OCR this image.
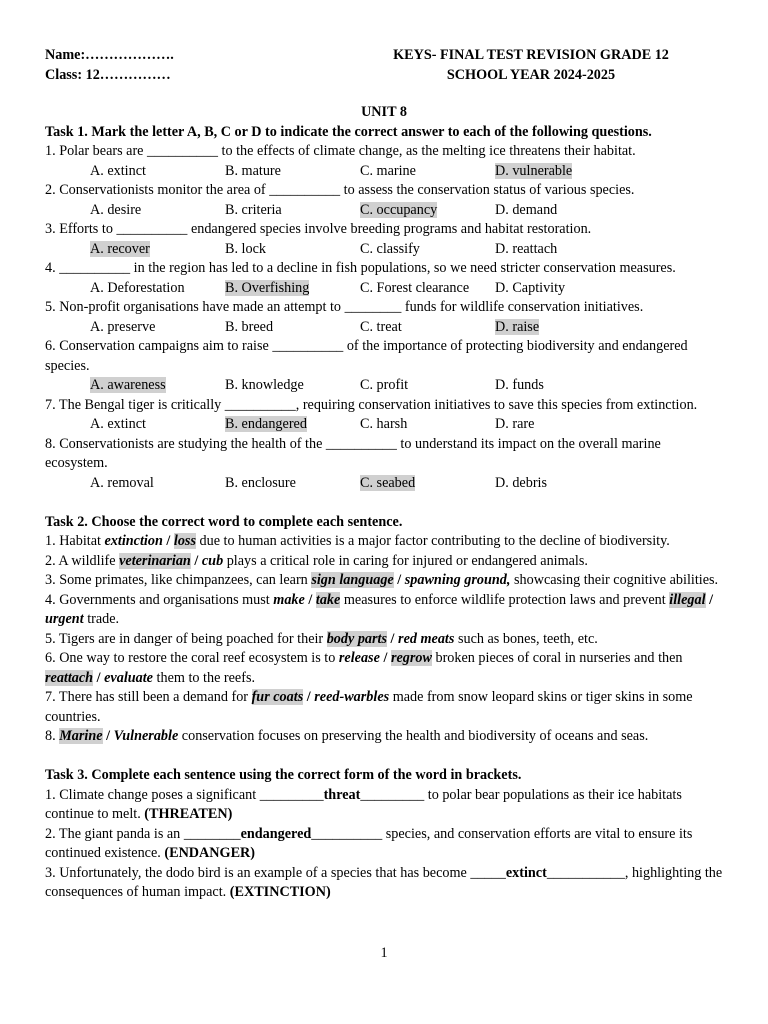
Name:……………….	KEYS- FINAL TEST REVISION GRADE 12
Class: 12……………	SCHOOL YEAR 2024-2025
UNIT 8
Task 1. Mark the letter A, B, C or D to indicate the correct answer to each of the following questions.
1. Polar bears are __________ to the effects of climate change, as the melting ice threatens their habitat.
A. extinct	B. mature	C. marine	D. vulnerable
2. Conservationists monitor the area of __________ to assess the conservation status of various species.
A. desire	B. criteria	C. occupancy	D. demand
3. Efforts to __________ endangered species involve breeding programs and habitat restoration.
A. recover	B. lock	C. classify	D. reattach
4. __________ in the region has led to a decline in fish populations, so we need stricter conservation measures.
A. Deforestation	B. Overfishing	C. Forest clearance	D. Captivity
5. Non-profit organisations have made an attempt to ________ funds for wildlife conservation initiatives.
A. preserve	B. breed	C. treat	D. raise
6. Conservation campaigns aim to raise __________ of the importance of protecting biodiversity and endangered species.
A. awareness	B. knowledge	C. profit	D. funds
7. The Bengal tiger is critically __________, requiring conservation initiatives to save this species from extinction.
A. extinct	B. endangered	C. harsh	D. rare
8. Conservationists are studying the health of the __________ to understand its impact on the overall marine ecosystem.
A. removal	B. enclosure	C. seabed	D. debris
Task 2. Choose the correct word to complete each sentence.
1. Habitat extinction / loss due to human activities is a major factor contributing to the decline of biodiversity.
2. A wildlife veterinarian / cub plays a critical role in caring for injured or endangered animals.
3. Some primates, like chimpanzees, can learn sign language / spawning ground, showcasing their cognitive abilities.
4. Governments and organisations must make / take measures to enforce wildlife protection laws and prevent illegal / urgent trade.
5. Tigers are in danger of being poached for their body parts / red meats such as bones, teeth, etc.
6. One way to restore the coral reef ecosystem is to release / regrow broken pieces of coral in nurseries and then reattach / evaluate them to the reefs.
7. There has still been a demand for fur coats / reed-warbles made from snow leopard skins or tiger skins in some countries.
8. Marine / Vulnerable conservation focuses on preserving the health and biodiversity of oceans and seas.
Task 3. Complete each sentence using the correct form of the word in brackets.
1. Climate change poses a significant _________threat_________ to polar bear populations as their ice habitats continue to melt. (THREATEN)
2. The giant panda is an ________endangered__________ species, and conservation efforts are vital to ensure its continued existence. (ENDANGER)
3. Unfortunately, the dodo bird is an example of a species that has become _____extinct___________, highlighting the consequences of human impact. (EXTINCTION)
1
